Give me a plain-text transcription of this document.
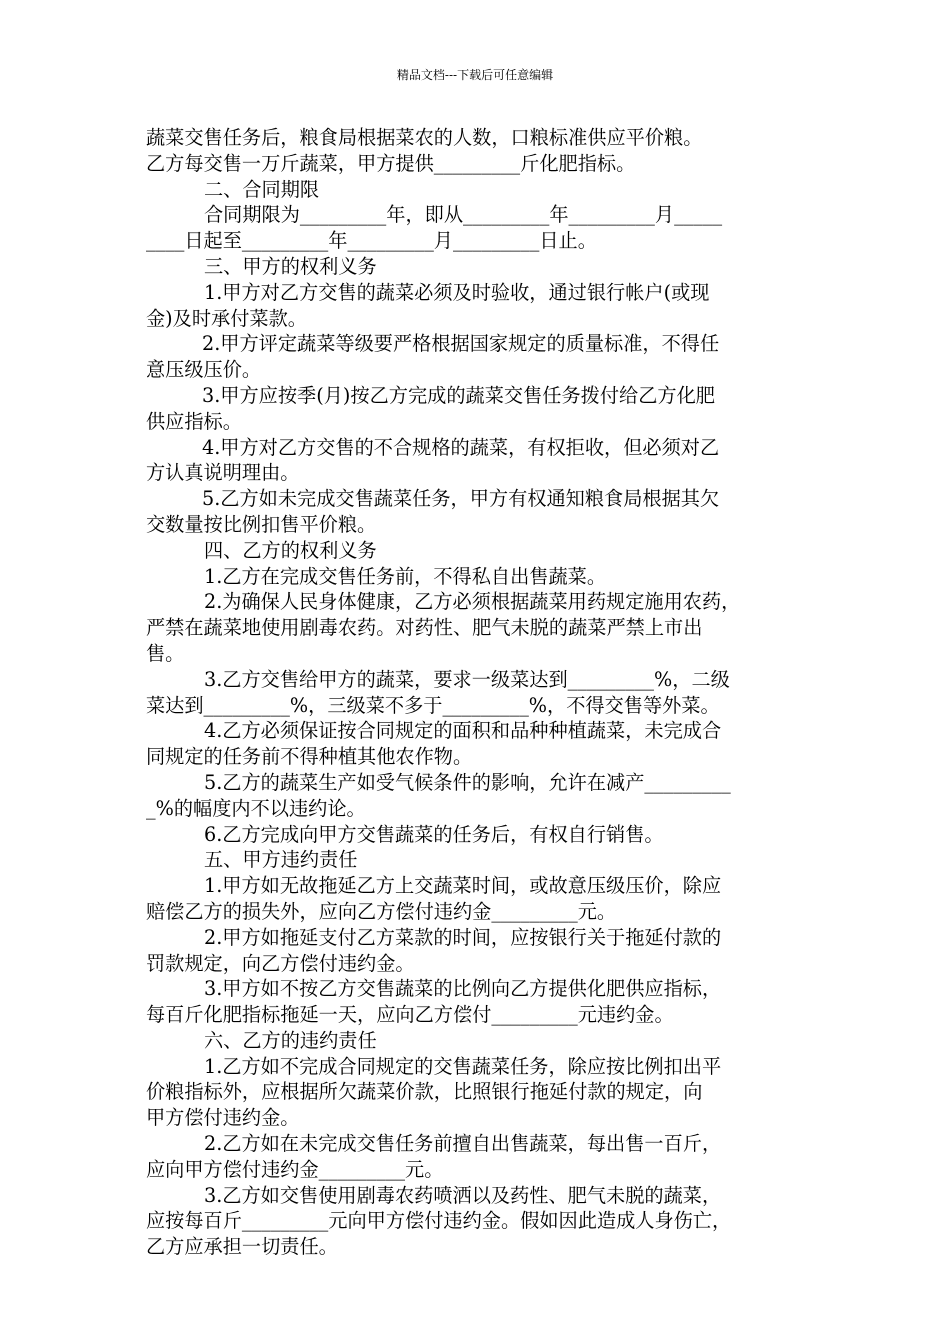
精品文档---下载后可任意编辑
蔬菜交售任务后，粮食局根据菜农的人数，口粮标准供应平价粮。
乙方每交售一万斤蔬菜，甲方提供_________斤化肥指标。
二、合同期限
合同期限为_________年，即从_________年_________月_____
____日起至_________年_________月_________日止。
三、甲方的权利义务
1.甲方对乙方交售的蔬菜必须及时验收，通过银行帐户(或现
金)及时承付菜款。
2.甲方评定蔬菜等级要严格根据国家规定的质量标准，不得任
意压级压价。
3.甲方应按季(月)按乙方完成的蔬菜交售任务拨付给乙方化肥
供应指标。
4.甲方对乙方交售的不合规格的蔬菜，有权拒收，但必须对乙
方认真说明理由。
5.乙方如未完成交售蔬菜任务，甲方有权通知粮食局根据其欠
交数量按比例扣售平价粮。
四、乙方的权利义务
1.乙方在完成交售任务前，不得私自出售蔬菜。
2.为确保人民身体健康，乙方必须根据蔬菜用药规定施用农药，
严禁在蔬菜地使用剧毒农药。对药性、肥气未脱的蔬菜严禁上市出
售。
3.乙方交售给甲方的蔬菜，要求一级菜达到_________%，二级
菜达到_________%，三级菜不多于_________%，不得交售等外菜。
4.乙方必须保证按合同规定的面积和品种种植蔬菜，未完成合
同规定的任务前不得种植其他农作物。
5.乙方的蔬菜生产如受气候条件的影响，允许在减产_________
_%的幅度内不以违约论。
6.乙方完成向甲方交售蔬菜的任务后，有权自行销售。
五、甲方违约责任
1.甲方如无故拖延乙方上交蔬菜时间，或故意压级压价，除应
赔偿乙方的损失外，应向乙方偿付违约金_________元。
2.甲方如拖延支付乙方菜款的时间，应按银行关于拖延付款的
罚款规定，向乙方偿付违约金。
3.甲方如不按乙方交售蔬菜的比例向乙方提供化肥供应指标，
每百斤化肥指标拖延一天，应向乙方偿付_________元违约金。
六、乙方的违约责任
1.乙方如不完成合同规定的交售蔬菜任务，除应按比例扣出平
价粮指标外，应根据所欠蔬菜价款，比照银行拖延付款的规定，向
甲方偿付违约金。
2.乙方如在未完成交售任务前擅自出售蔬菜，每出售一百斤，
应向甲方偿付违约金_________元。
3.乙方如交售使用剧毒农药喷洒以及药性、肥气未脱的蔬菜，
应按每百斤_________元向甲方偿付违约金。假如因此造成人身伤亡，
乙方应承担一切责任。
